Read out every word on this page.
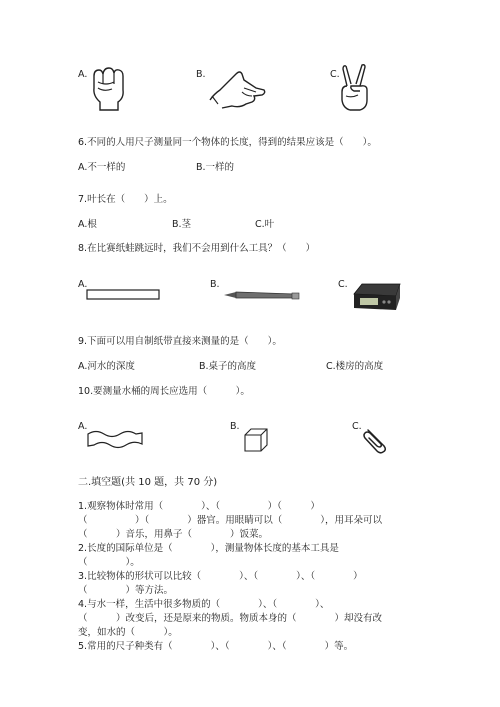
A.	B.	C.
6.不同的人用尺子测量同一个物体的长度，得到的结果应该是（　　）。
A.不一样的	B.一样的
7.叶长在（　　）上。
A.根	B.茎	C.叶
8.在比赛纸蛙跳远时，我们不会用到什么工具？（　　）
A.	B.	C.
9.下面可以用自制纸带直接来测量的是（　　）。
A.河水的深度	B.桌子的高度	C.楼房的高度
10.要测量水桶的周长应选用（　　　）。
A.	B.	C.
二.填空题(共 10 题，共 70 分)
1.观察物体时常用（　　　　）、（　　　　　）（　　　）
（　　　　　）（　　　　）器官。用眼睛可以（　　　　），用耳朵可以
（　　　）音乐，用鼻子（　　　　）饭菜。
2.长度的国际单位是（　　　　），测量物体长度的基本工具是
（　　　　）。
3.比较物体的形状可以比较（　　　　）、（　　　　）、（　　　　）
（　　　　）等方法。
4.与水一样，生活中很多物质的（　　　　）、（　　　　）、
（　　　）改变后，还是原来的物质。物质本身的（　　　　）却没有改
变，如水的（　　　）。
5.常用的尺子种类有（　　　　）、（　　　　）、（　　　　）等。
